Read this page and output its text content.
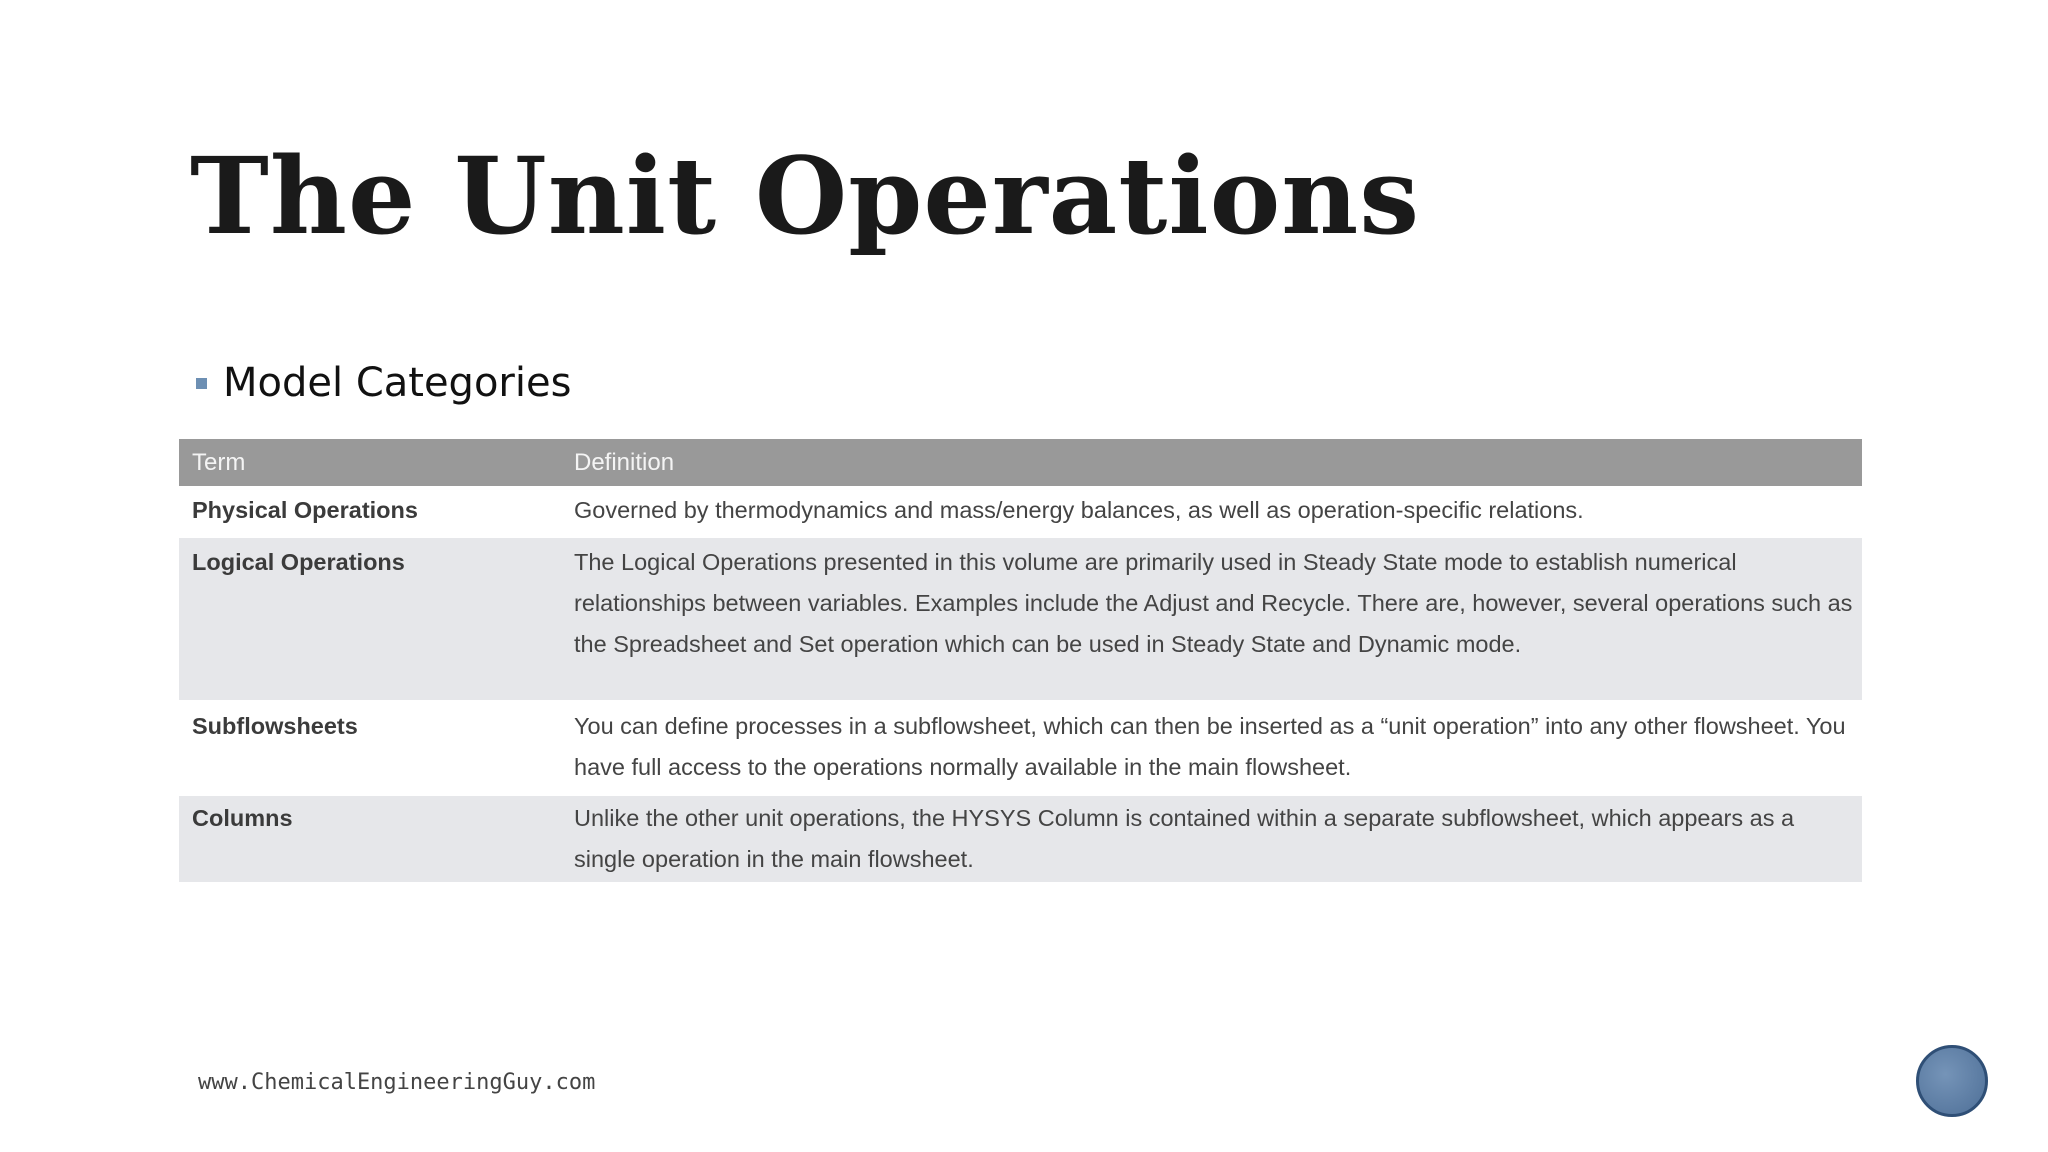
The Unit Operations
Model Categories
Term	Definition
Physical Operations	Governed by thermodynamics and mass/energy balances, as well as operation-specific relations.
Logical Operations	The Logical Operations presented in this volume are primarily used in Steady State mode to establish numerical relationships between variables. Examples include the Adjust and Recycle. There are, however, several operations such as the Spreadsheet and Set operation which can be used in Steady State and Dynamic mode.
Subflowsheets	You can define processes in a subflowsheet, which can then be inserted as a “unit operation” into any other flowsheet. You have full access to the operations normally available in the main flowsheet.
Columns	Unlike the other unit operations, the HYSYS Column is contained within a separate subflowsheet, which appears as a single operation in the main flowsheet.
www.ChemicalEngineeringGuy.com
